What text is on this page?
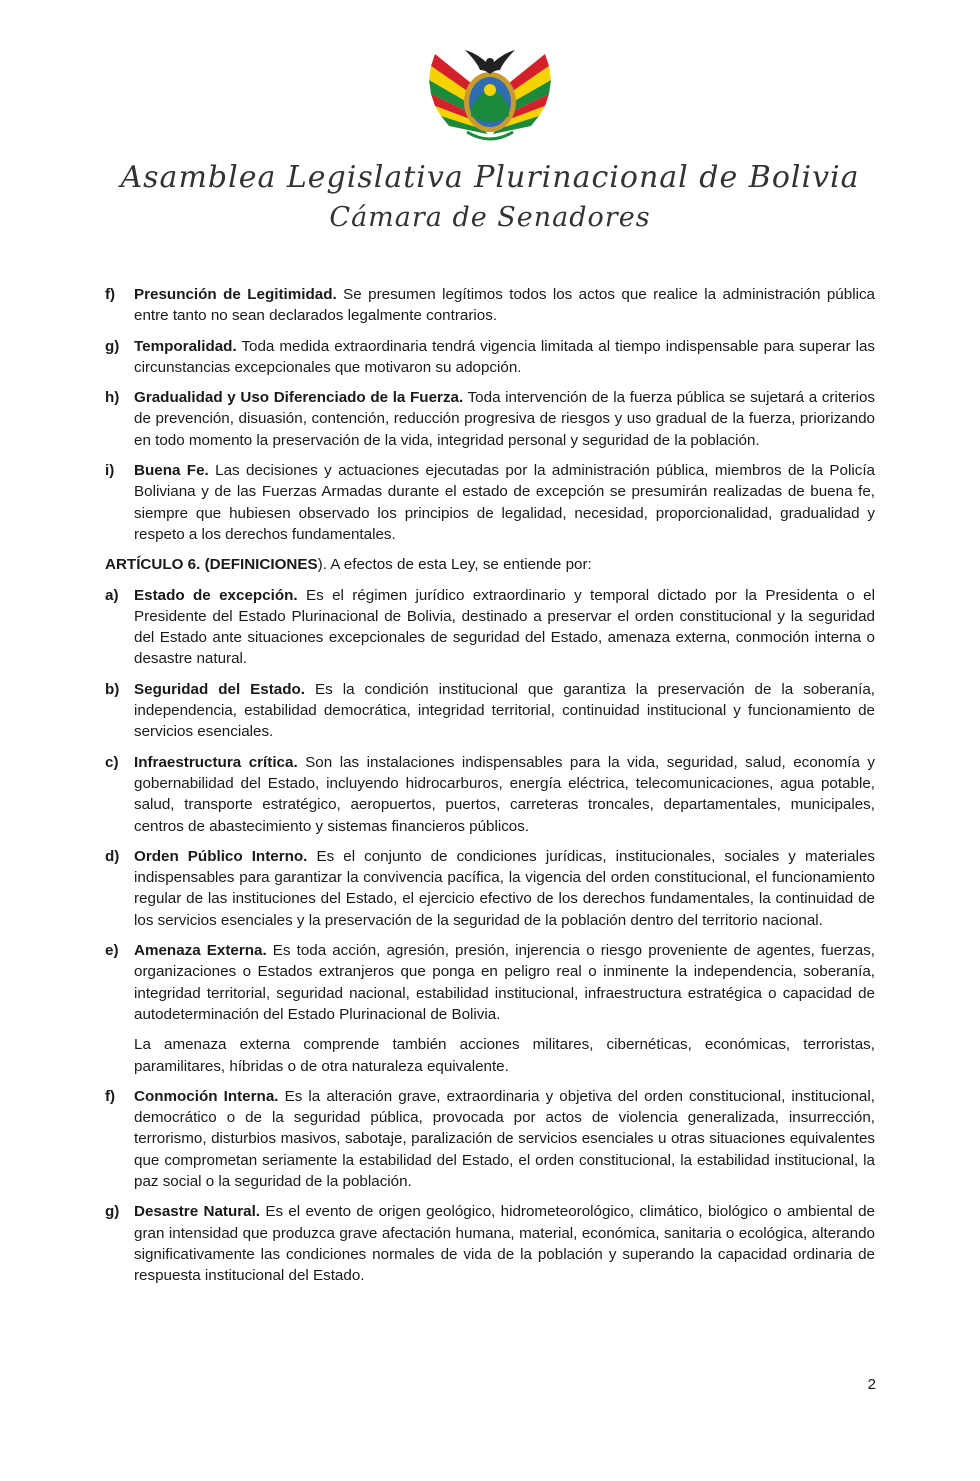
Asamblea Legislativa Plurinacional de Bolivia
Cámara de Senadores
f)	Presunción de Legitimidad. Se presumen legítimos todos los actos que realice la administración pública entre tanto no sean declarados legalmente contrarios.
g) Temporalidad. Toda medida extraordinaria tendrá vigencia limitada al tiempo indispensable para superar las circunstancias excepcionales que motivaron su adopción.
h) Gradualidad y Uso Diferenciado de la Fuerza. Toda intervención de la fuerza pública se sujetará a criterios de prevención, disuasión, contención, reducción progresiva de riesgos y uso gradual de la fuerza, priorizando en todo momento la preservación de la vida, integridad personal y seguridad de la población.
i)	Buena Fe. Las decisiones y actuaciones ejecutadas por la administración pública, miembros de la Policía Boliviana y de las Fuerzas Armadas durante el estado de excepción se presumirán realizadas de buena fe, siempre que hubiesen observado los principios de legalidad, necesidad, proporcionalidad, gradualidad y respeto a los derechos fundamentales.
ARTÍCULO 6. (DEFINICIONES). A efectos de esta Ley, se entiende por:
a)	Estado de excepción. Es el régimen jurídico extraordinario y temporal dictado por la Presidenta o el Presidente del Estado Plurinacional de Bolivia, destinado a preservar el orden constitucional y la seguridad del Estado ante situaciones excepcionales de seguridad del Estado, amenaza externa, conmoción interna o desastre natural.
b) Seguridad del Estado. Es la condición institucional que garantiza la preservación de la soberanía, independencia, estabilidad democrática, integridad territorial, continuidad institucional y funcionamiento de servicios esenciales.
c)	Infraestructura crítica. Son las instalaciones indispensables para la vida, seguridad, salud, economía y gobernabilidad del Estado, incluyendo hidrocarburos, energía eléctrica, telecomunicaciones, agua potable, salud, transporte estratégico, aeropuertos, puertos, carreteras troncales, departamentales, municipales, centros de abastecimiento y sistemas financieros públicos.
d) Orden Público Interno. Es el conjunto de condiciones jurídicas, institucionales, sociales y materiales indispensables para garantizar la convivencia pacífica, la vigencia del orden constitucional, el funcionamiento regular de las instituciones del Estado, el ejercicio efectivo de los derechos fundamentales, la continuidad de los servicios esenciales y la preservación de la seguridad de la población dentro del territorio nacional.
e)	Amenaza Externa. Es toda acción, agresión, presión, injerencia o riesgo proveniente de agentes, fuerzas, organizaciones o Estados extranjeros que ponga en peligro real o inminente la independencia, soberanía, integridad territorial, seguridad nacional, estabilidad institucional, infraestructura estratégica o capacidad de autodeterminación del Estado Plurinacional de Bolivia.
La amenaza externa comprende también acciones militares, cibernéticas, económicas, terroristas, paramilitares, híbridas o de otra naturaleza equivalente.
f)	Conmoción Interna. Es la alteración grave, extraordinaria y objetiva del orden constitucional, institucional, democrático o de la seguridad pública, provocada por actos de violencia generalizada, insurrección, terrorismo, disturbios masivos, sabotaje, paralización de servicios esenciales u otras situaciones equivalentes que comprometan seriamente la estabilidad del Estado, el orden constitucional, la estabilidad institucional, la paz social o la seguridad de la población.
g) Desastre Natural. Es el evento de origen geológico, hidrometeorológico, climático, biológico o ambiental de gran intensidad que produzca grave afectación humana, material, económica, sanitaria o ecológica, alterando significativamente las condiciones normales de vida de la población y superando la capacidad ordinaria de respuesta institucional del Estado.
2
